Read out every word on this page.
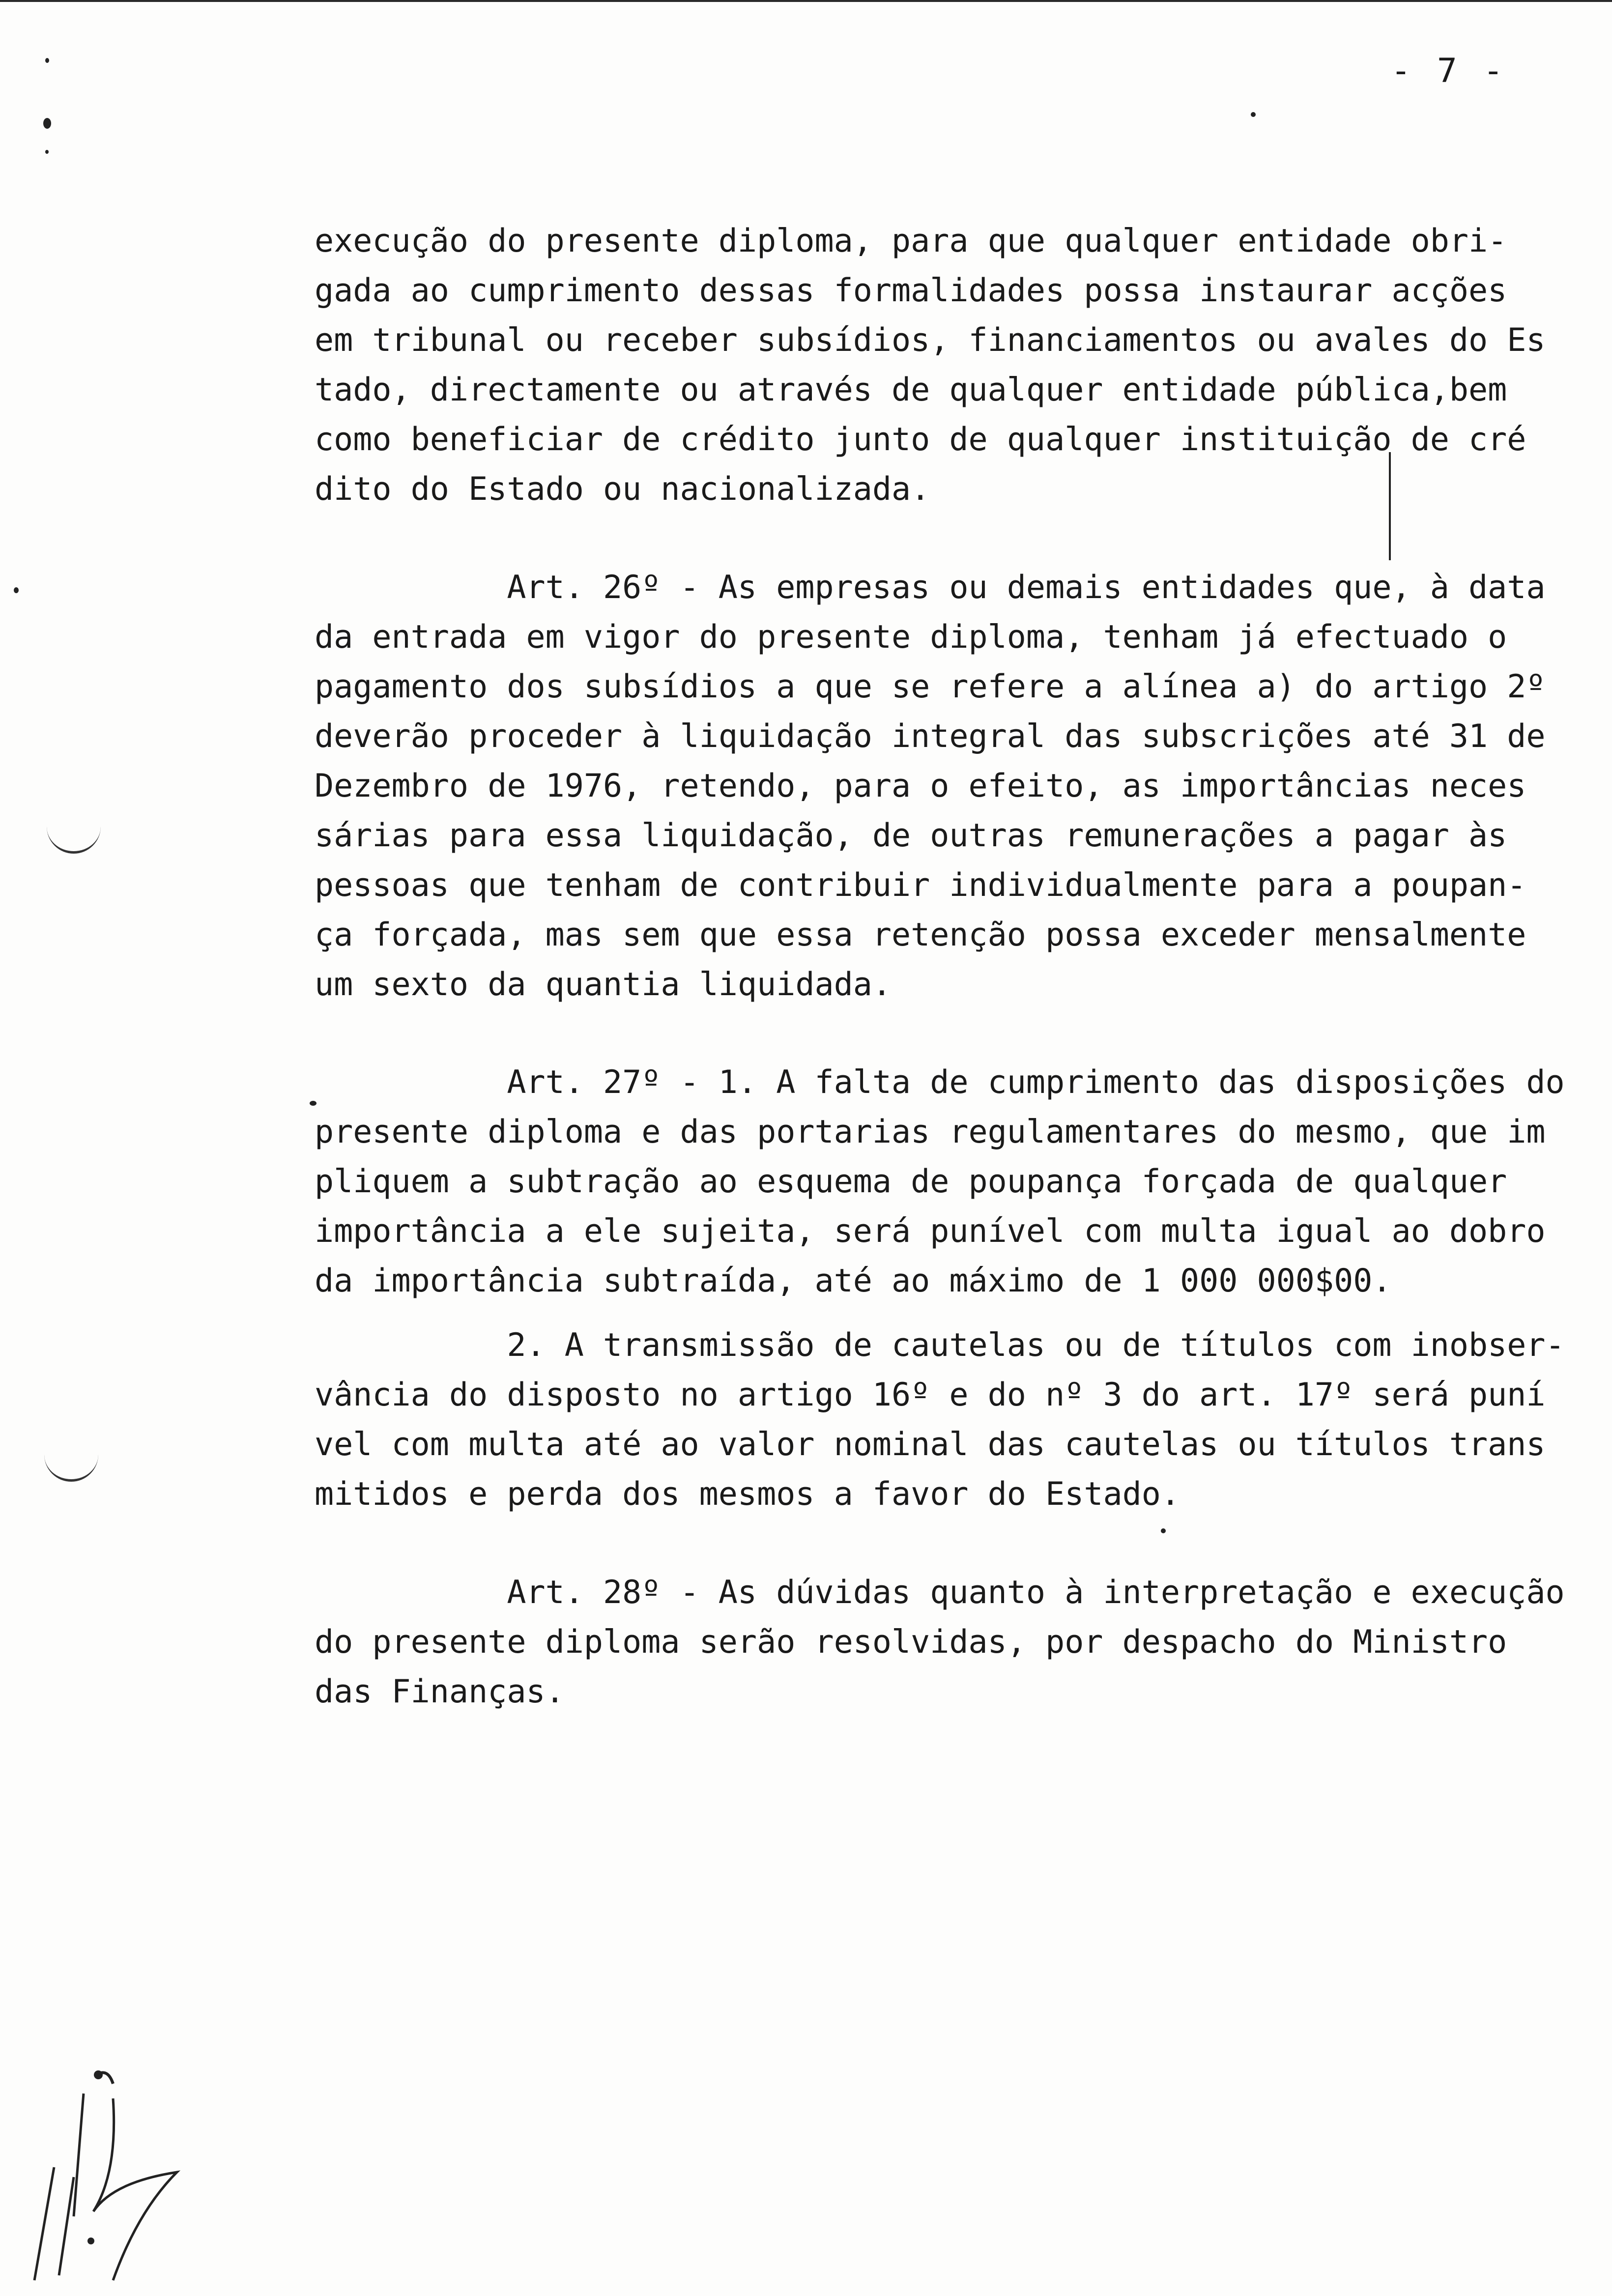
- 7 -
execução do presente diploma, para que qualquer entidade obri-
gada ao cumprimento dessas formalidades possa instaurar acções
em tribunal ou receber subsídios, financiamentos ou avales do Es
tado, directamente ou através de qualquer entidade pública,bem
como beneficiar de crédito junto de qualquer instituição de cré
dito do Estado ou nacionalizada.
Art. 26º - As empresas ou demais entidades que, à data
da entrada em vigor do presente diploma, tenham já efectuado o
pagamento dos subsídios a que se refere a alínea a) do artigo 2º
deverão proceder à liquidação integral das subscrições até 31 de
Dezembro de 1976, retendo, para o efeito, as importâncias neces
sárias para essa liquidação, de outras remunerações a pagar às
pessoas que tenham de contribuir individualmente para a poupan-
ça forçada, mas sem que essa retenção possa exceder mensalmente
um sexto da quantia liquidada.
Art. 27º - 1. A falta de cumprimento das disposições do
presente diploma e das portarias regulamentares do mesmo, que im
pliquem a subtração ao esquema de poupança forçada de qualquer
importância a ele sujeita, será punível com multa igual ao dobro
da importância subtraída, até ao máximo de 1 000 000$00.
2. A transmissão de cautelas ou de títulos com inobser-
vância do disposto no artigo 16º e do nº 3 do art. 17º será puní
vel com multa até ao valor nominal das cautelas ou títulos trans
mitidos e perda dos mesmos a favor do Estado.
Art. 28º - As dúvidas quanto à interpretação e execução
do presente diploma serão resolvidas, por despacho do Ministro
das Finanças.
